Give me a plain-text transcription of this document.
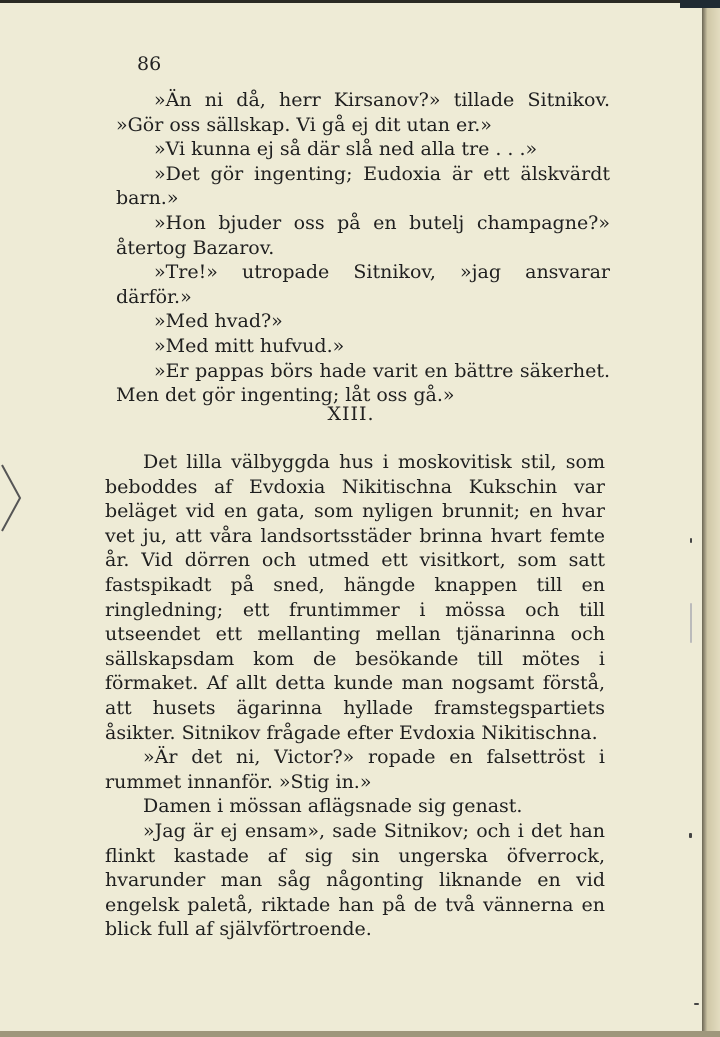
86

»Än ni då, herr Kirsanov?» tillade Sitnikov. »Gör oss sällskap. Vi gå ej dit utan er.»

»Vi kunna ej så där slå ned alla tre . . .»

»Det gör ingenting; Eudoxia är ett älskvärdt barn.»

»Hon bjuder oss på en butelj champagne?» återtog Bazarov.

»Tre!» utropade Sitnikov, »jag ansvarar därför.»

»Med hvad?»

»Med mitt hufvud.»

»Er pappas börs hade varit en bättre säkerhet. Men det gör ingenting; låt oss gå.»

XIII.

Det lilla välbyggda hus i moskovitisk stil, som beboddes af Evdoxia Nikitischna Kukschin var beläget vid en gata, som nyligen brunnit; en hvar vet ju, att våra landsortsstäder brinna hvart femte år. Vid dörren och utmed ett visitkort, som satt fastspikadt på sned, hängde knappen till en ringledning; ett fruntimmer i mössa och till utseendet ett mellanting mellan tjänarinna och sällskapsdam kom de besökande till mötes i förmaket. Af allt detta kunde man nogsamt förstå, att husets ägarinna hyllade framstegspartiets åsikter. Sitnikov frågade efter Evdoxia Nikitischna.

»Är det ni, Victor?» ropade en falsettröst i rummet innanför. »Stig in.»

Damen i mössan aflägsnade sig genast.

»Jag är ej ensam», sade Sitnikov; och i det han flinkt kastade af sig sin ungerska öfverrock, hvarunder man såg någonting liknande en vid engelsk paletå, riktade han på de två vännerna en blick full af självförtroende.
